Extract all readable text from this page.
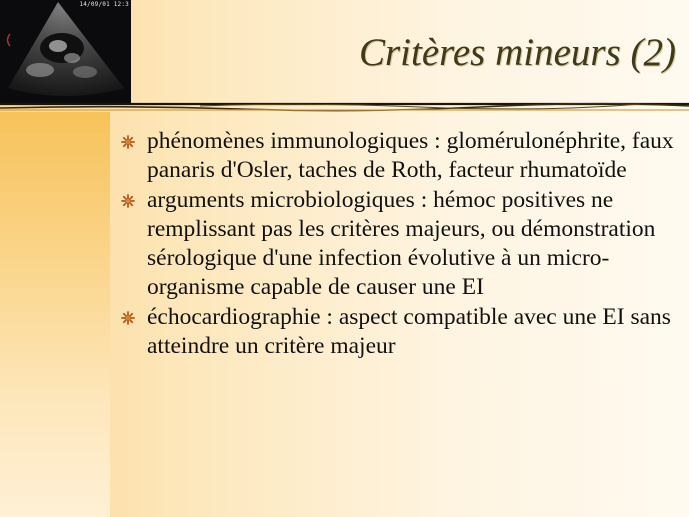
14/09/01 12:3
Critères mineurs (2)
phénomènes immunologiques : glomérulonéphrite, faux panaris d'Osler, taches de Roth, facteur rhumatoïde
arguments microbiologiques : hémoc positives ne remplissant pas les critères majeurs, ou démonstration sérologique d'une infection évolutive à un micro-organisme capable de causer une EI
échocardiographie : aspect compatible avec une EI sans atteindre un critère majeur
